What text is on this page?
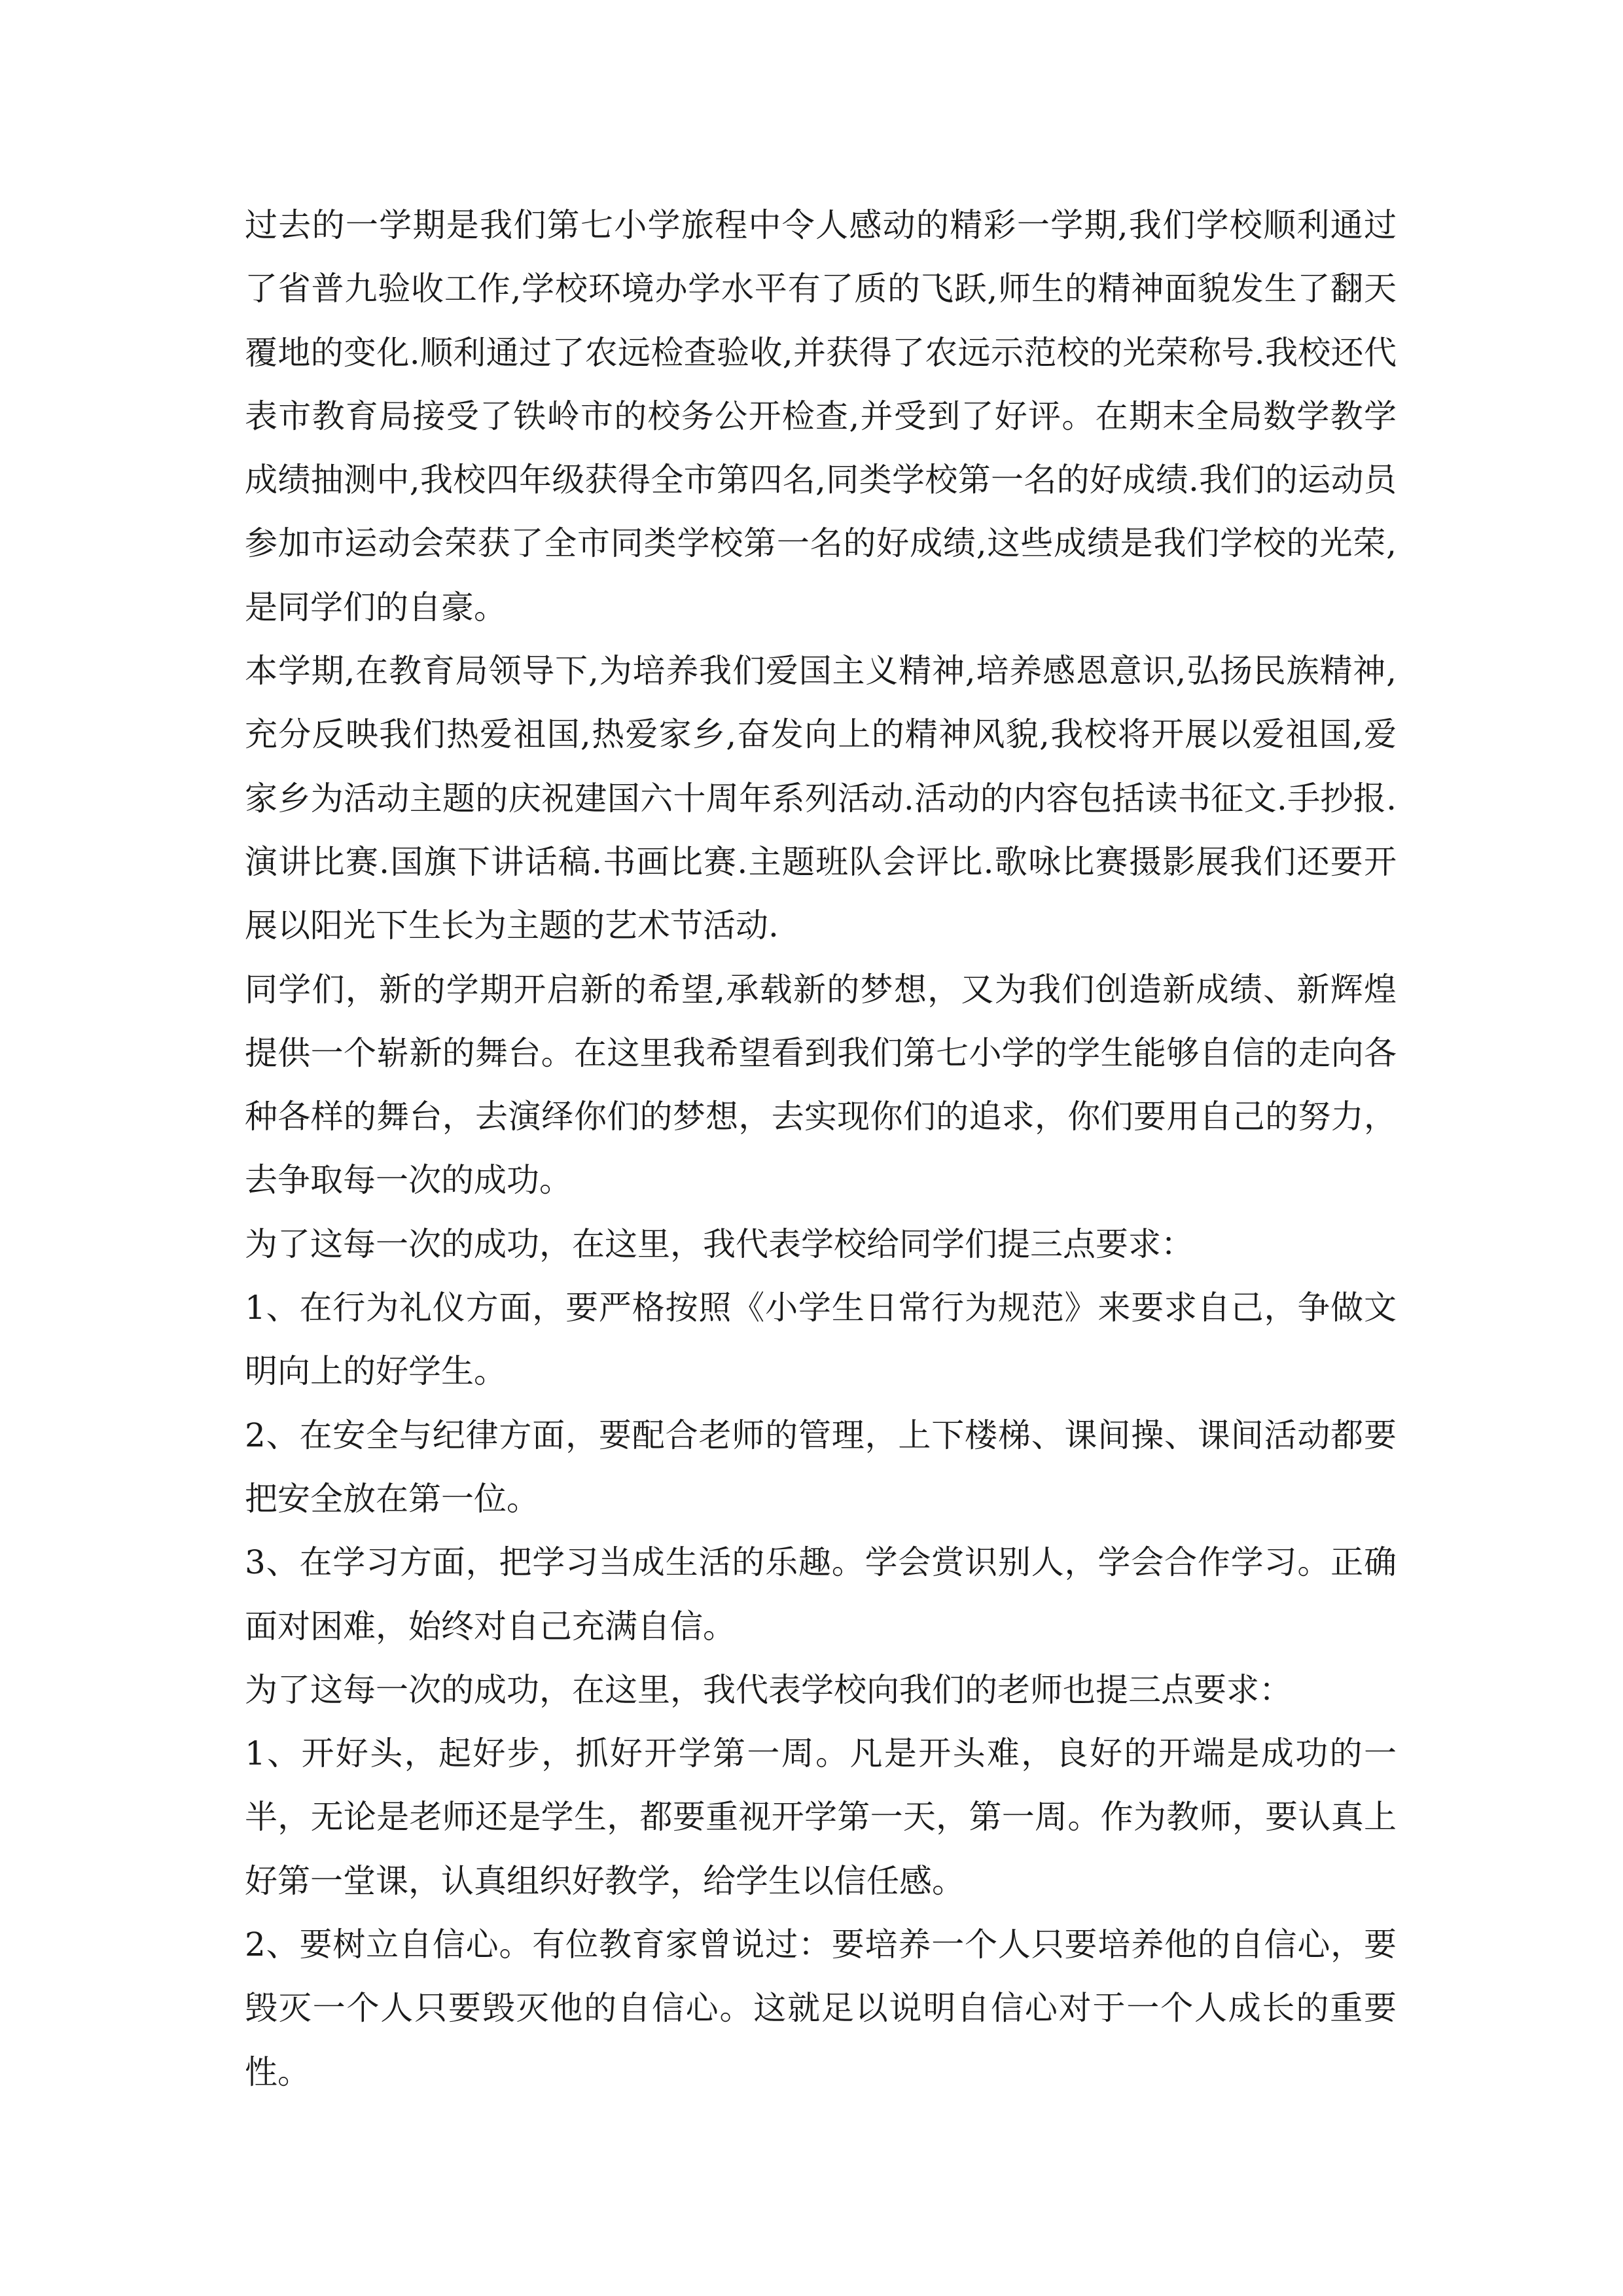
过去的一学期是我们第七小学旅程中令人感动的精彩一学期,我们学校顺利通过了省普九验收工作,学校环境办学水平有了质的飞跃,师生的精神面貌发生了翻天覆地的变化.顺利通过了农远检查验收,并获得了农远示范校的光荣称号.我校还代表市教育局接受了铁岭市的校务公开检查,并受到了好评。在期末全局数学教学成绩抽测中,我校四年级获得全市第四名,同类学校第一名的好成绩.我们的运动员参加市运动会荣获了全市同类学校第一名的好成绩,这些成绩是我们学校的光荣,是同学们的自豪。

本学期,在教育局领导下,为培养我们爱国主义精神,培养感恩意识,弘扬民族精神,充分反映我们热爱祖国,热爱家乡,奋发向上的精神风貌,我校将开展以爱祖国,爱家乡为活动主题的庆祝建国六十周年系列活动.活动的内容包括读书征文.手抄报.演讲比赛.国旗下讲话稿.书画比赛.主题班队会评比.歌咏比赛摄影展我们还要开展以阳光下生长为主题的艺术节活动.

同学们，新的学期开启新的希望,承载新的梦想，又为我们创造新成绩、新辉煌提供一个崭新的舞台。在这里我希望看到我们第七小学的学生能够自信的走向各种各样的舞台，去演绎你们的梦想，去实现你们的追求，你们要用自己的努力，去争取每一次的成功。

为了这每一次的成功，在这里，我代表学校给同学们提三点要求：

1、在行为礼仪方面，要严格按照《小学生日常行为规范》来要求自己，争做文明向上的好学生。

2、在安全与纪律方面，要配合老师的管理，上下楼梯、课间操、课间活动都要把安全放在第一位。

3、在学习方面，把学习当成生活的乐趣。学会赏识别人，学会合作学习。正确面对困难，始终对自己充满自信。

为了这每一次的成功，在这里，我代表学校向我们的老师也提三点要求：

1、开好头，起好步，抓好开学第一周。凡是开头难，良好的开端是成功的一半，无论是老师还是学生，都要重视开学第一天，第一周。作为教师，要认真上好第一堂课，认真组织好教学，给学生以信任感。

2、要树立自信心。有位教育家曾说过：要培养一个人只要培养他的自信心，要毁灭一个人只要毁灭他的自信心。这就足以说明自信心对于一个人成长的重要性。
